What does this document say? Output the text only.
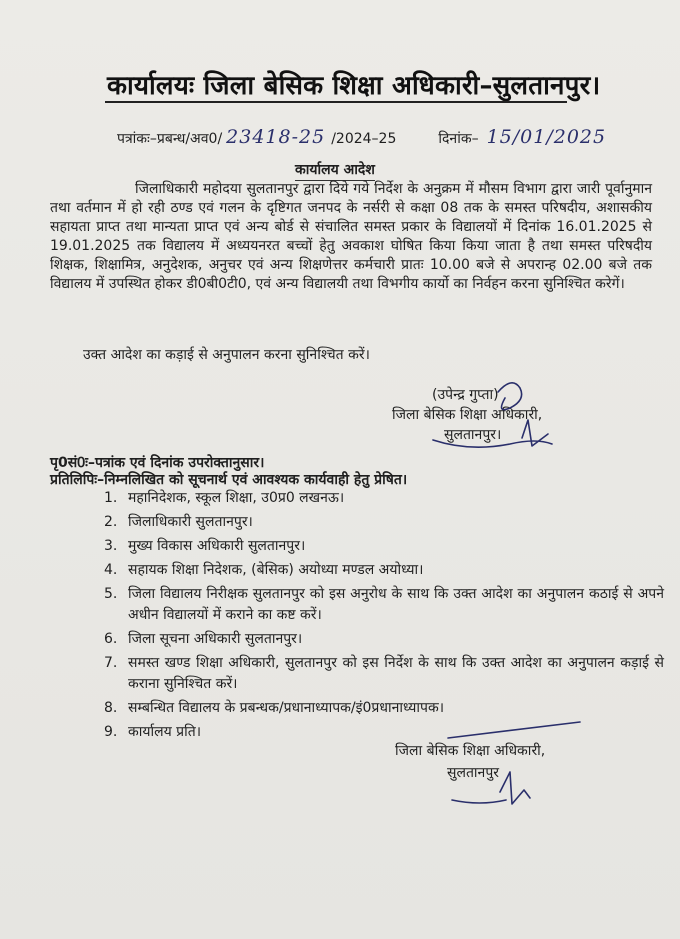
कार्यालयः जिला बेसिक शिक्षा अधिकारी–सुलतानपुर।
पत्रांकः–प्रबन्ध/अव0/ 23418-25 /2024–25	दिनांक– 15/01/2025
कार्यालय आदेश

जिलाधिकारी महोदया सुलतानपुर द्वारा दिये गये निर्देश के अनुक्रम में मौसम विभाग द्वारा जारी पूर्वानुमान तथा वर्तमान में हो रही ठण्ड एवं गलन के दृष्टिगत जनपद के नर्सरी से कक्षा 08 तक के समस्त परिषदीय, अशासकीय सहायता प्राप्त तथा मान्यता प्राप्त एवं अन्य बोर्ड से संचालित समस्त प्रकार के विद्यालयों में दिनांक 16.01.2025 से 19.01.2025 तक विद्यालय में अध्ययनरत बच्चों हेतु अवकाश घोषित किया किया जाता है तथा समस्त परिषदीय शिक्षक, शिक्षामित्र, अनुदेशक, अनुचर एवं अन्य शिक्षणेत्तर कर्मचारी प्रातः 10.00 बजे से अपरान्ह 02.00 बजे तक विद्यालय में उपस्थित होकर डी0बी0टी0, एवं अन्य विद्यालयी तथा विभगीय कार्यो का निर्वहन करना सुनिश्चित करेगें।

उक्त आदेश का कड़ाई से अनुपालन करना सुनिश्चित करें।
(उपेन्द्र गुप्ता)
जिला बेसिक शिक्षा अधिकारी,
सुलतानपुर।
पृ0सं0ः–पत्रांक एवं दिनांक उपरोक्तानुसार।
प्रतिलिपिः–निम्नलिखित को सूचनार्थ एवं आवश्यक कार्यवाही हेतु प्रेषित।
1. महानिदेशक, स्कूल शिक्षा, उ0प्र0 लखनऊ।
2. जिलाधिकारी सुलतानपुर।
3. मुख्य विकास अधिकारी सुलतानपुर।
4. सहायक शिक्षा निदेशक, (बेसिक) अयोध्या मण्डल अयोध्या।
5. जिला विद्यालय निरीक्षक सुलतानपुर को इस अनुरोध के साथ कि उक्त आदेश का अनुपालन कठाई से अपने अधीन विद्यालयों में कराने का कष्ट करें।
6. जिला सूचना अधिकारी सुलतानपुर।
7. समस्त खण्ड शिक्षा अधिकारी, सुलतानपुर को इस निर्देश के साथ कि उक्त आदेश का अनुपालन कड़ाई से कराना सुनिश्चित करें।
8. सम्बन्धित विद्यालय के प्रबन्धक/प्रधानाध्यापक/इं0प्रधानाध्यापक।
9. कार्यालय प्रति।
जिला बेसिक शिक्षा अधिकारी,
सुलतानपुर
